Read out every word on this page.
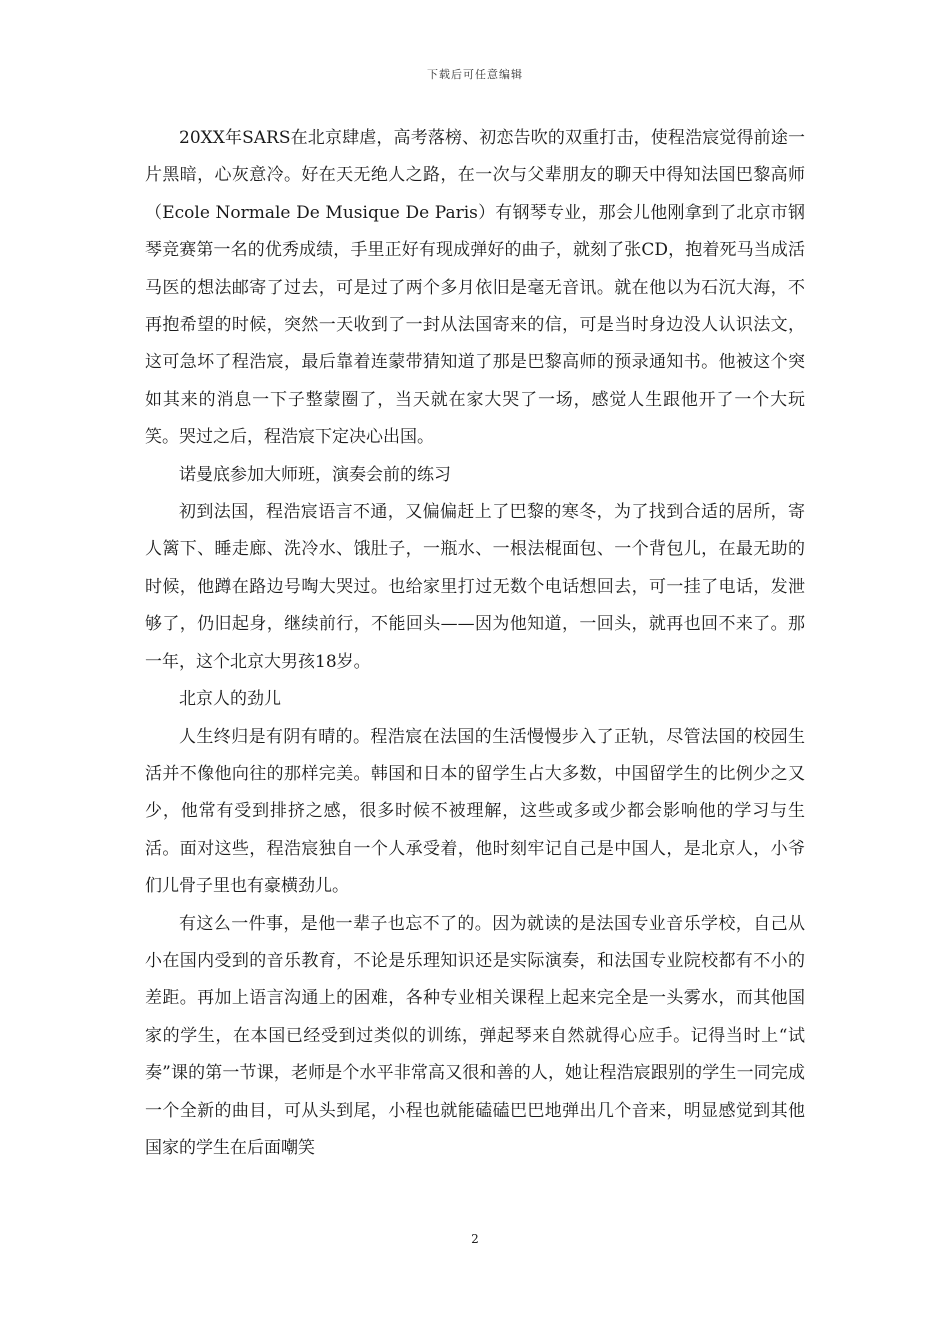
下载后可任意编辑

20XX年SARS在北京肆虐，高考落榜、初恋告吹的双重打击，使程浩宸觉得前途一片黑暗，心灰意冷。好在天无绝人之路，在一次与父辈朋友的聊天中得知法国巴黎高师（Ecole Normale De Musique De Paris）有钢琴专业，那会儿他刚拿到了北京市钢琴竞赛第一名的优秀成绩，手里正好有现成弹好的曲子，就刻了张CD，抱着死马当成活马医的想法邮寄了过去，可是过了两个多月依旧是毫无音讯。就在他以为石沉大海，不再抱希望的时候，突然一天收到了一封从法国寄来的信，可是当时身边没人认识法文，这可急坏了程浩宸，最后靠着连蒙带猜知道了那是巴黎高师的预录通知书。他被这个突如其来的消息一下子整蒙圈了，当天就在家大哭了一场，感觉人生跟他开了一个大玩笑。哭过之后，程浩宸下定决心出国。

诺曼底参加大师班，演奏会前的练习

初到法国，程浩宸语言不通，又偏偏赶上了巴黎的寒冬，为了找到合适的居所，寄人篱下、睡走廊、洗冷水、饿肚子，一瓶水、一根法棍面包、一个背包儿，在最无助的时候，他蹲在路边号啕大哭过。也给家里打过无数个电话想回去，可一挂了电话，发泄够了，仍旧起身，继续前行，不能回头——因为他知道，一回头，就再也回不来了。那一年，这个北京大男孩18岁。

北京人的劲儿

人生终归是有阴有晴的。程浩宸在法国的生活慢慢步入了正轨，尽管法国的校园生活并不像他向往的那样完美。韩国和日本的留学生占大多数，中国留学生的比例少之又少，他常有受到排挤之感，很多时候不被理解，这些或多或少都会影响他的学习与生活。面对这些，程浩宸独自一个人承受着，他时刻牢记自己是中国人，是北京人，小爷们儿骨子里也有豪横劲儿。

有这么一件事，是他一辈子也忘不了的。因为就读的是法国专业音乐学校，自己从小在国内受到的音乐教育，不论是乐理知识还是实际演奏，和法国专业院校都有不小的差距。再加上语言沟通上的困难，各种专业相关课程上起来完全是一头雾水，而其他国家的学生，在本国已经受到过类似的训练，弹起琴来自然就得心应手。记得当时上“试奏”课的第一节课，老师是个水平非常高又很和善的人，她让程浩宸跟别的学生一同完成一个全新的曲目，可从头到尾，小程也就能磕磕巴巴地弹出几个音来，明显感觉到其他国家的学生在后面嘲笑

2
